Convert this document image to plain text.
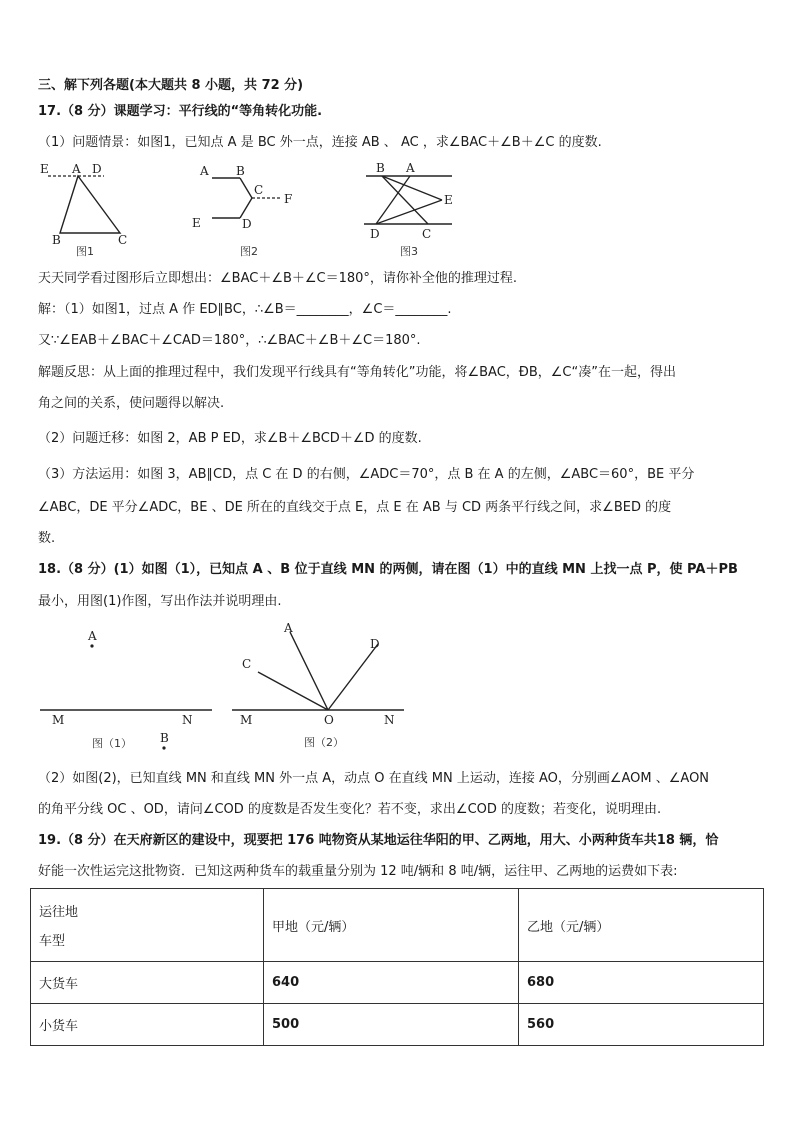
三、解下列各题(本大题共 8 小题，共 72 分)
17.（8 分）课题学习：平行线的“等角转化功能.
（1）问题情景：如图1，已知点 A 是 BC 外一点，连接 AB 、 AC ，求∠BAC＋∠B＋∠C 的度数.
E A D
B	C
图1
A B
C
F
E	D
图2
B A
E
D	C
图3
天天同学看过图形后立即想出：∠BAC＋∠B＋∠C＝180°，请你补全他的推理过程.
解：（1）如图1，过点 A 作 ED∥BC，∴∠B＝________，∠C＝________.
又∵∠EAB＋∠BAC＋∠CAD＝180°，∴∠BAC＋∠B＋∠C＝180°.
解题反思：从上面的推理过程中，我们发现平行线具有“等角转化”功能，将∠BAC，ÐB，∠C“凑”在一起，得出
角之间的关系，使问题得以解决.
（2）问题迁移：如图 2，AB P ED，求∠B＋∠BCD＋∠D 的度数.
（3）方法运用：如图 3，AB∥CD，点 C 在 D 的右侧，∠ADC＝70°，点 B 在 A 的左侧，∠ABC＝60°，BE 平分
∠ABC，DE 平分∠ADC，BE 、DE 所在的直线交于点 E，点 E 在 AB 与 CD 两条平行线之间，求∠BED 的度
数.
18.（8 分）(1）如图（1），已知点 A 、B 位于直线 MN 的两侧，请在图（1）中的直线 MN 上找一点 P，使 PA＋PB
最小，用图(1)作图，写出作法并说明理由.
A
M	N
B
图（1）
A
D
C
M	O	N
图（2）
（2）如图(2)，已知直线 MN 和直线 MN 外一点 A，动点 O 在直线 MN 上运动，连接 AO，分别画∠AOM 、∠AON
的角平分线 OC 、OD，请问∠COD 的度数是否发生变化？若不变，求出∠COD 的度数；若变化，说明理由.
19.（8 分）在天府新区的建设中，现要把 176 吨物资从某地运往华阳的甲、乙两地，用大、小两种货车共18 辆，恰
好能一次性运完这批物资．已知这两种货车的载重量分别为 12 吨/辆和 8 吨/辆，运往甲、乙两地的运费如下表:
运往地
车型	甲地（元/辆）	乙地（元/辆）
大货车	640	680
小货车	500	560
